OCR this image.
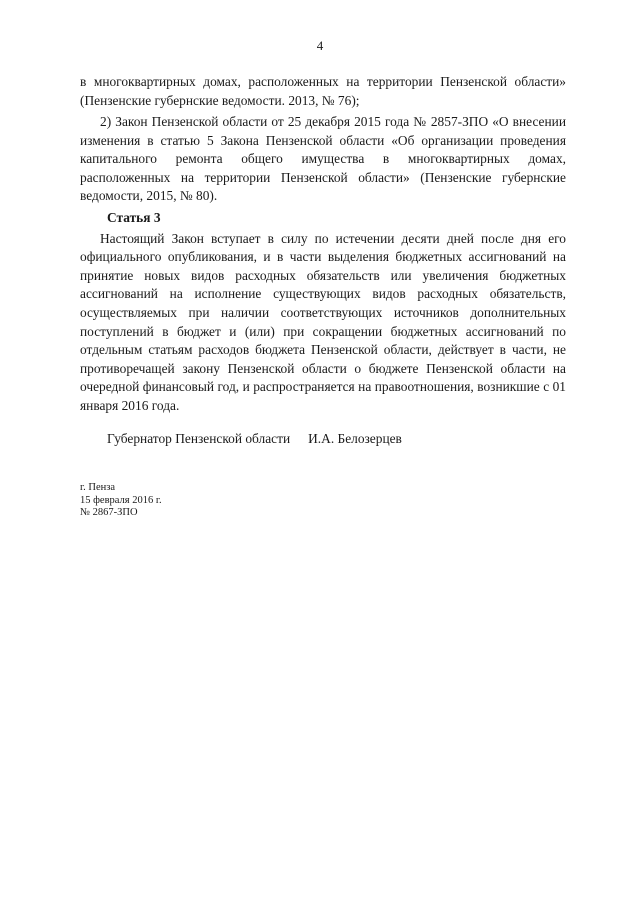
4

в многоквартирных домах, расположенных на территории Пензенской области» (Пензенские губернские ведомости. 2013, № 76);

2) Закон Пензенской области от 25 декабря 2015 года № 2857-ЗПО «О внесении изменения в статью 5 Закона Пензенской области «Об организации проведения капитального ремонта общего имущества в многоквартирных домах, расположенных на территории Пензенской области» (Пензенские губернские ведомости, 2015, № 80).

Статья 3

Настоящий Закон вступает в силу по истечении десяти дней после дня его официального опубликования, и в части выделения бюджетных ассигнований на принятие новых видов расходных обязательств или увеличения бюджетных ассигнований на исполнение существующих видов расходных обязательств, осуществляемых при наличии соответствующих источников дополнительных поступлений в бюджет и (или) при сокращении бюджетных ассигнований по отдельным статьям расходов бюджета Пензенской области, действует в части, не противоречащей закону Пензенской области о бюджете Пензенской области на очередной финансовый год, и распространяется на правоотношения, возникшие с 01 января 2016 года.

Губернатор Пензенской области И.А. Белозерцев
г. Пенза
15 февраля 2016 г.
№ 2867-ЗПО
